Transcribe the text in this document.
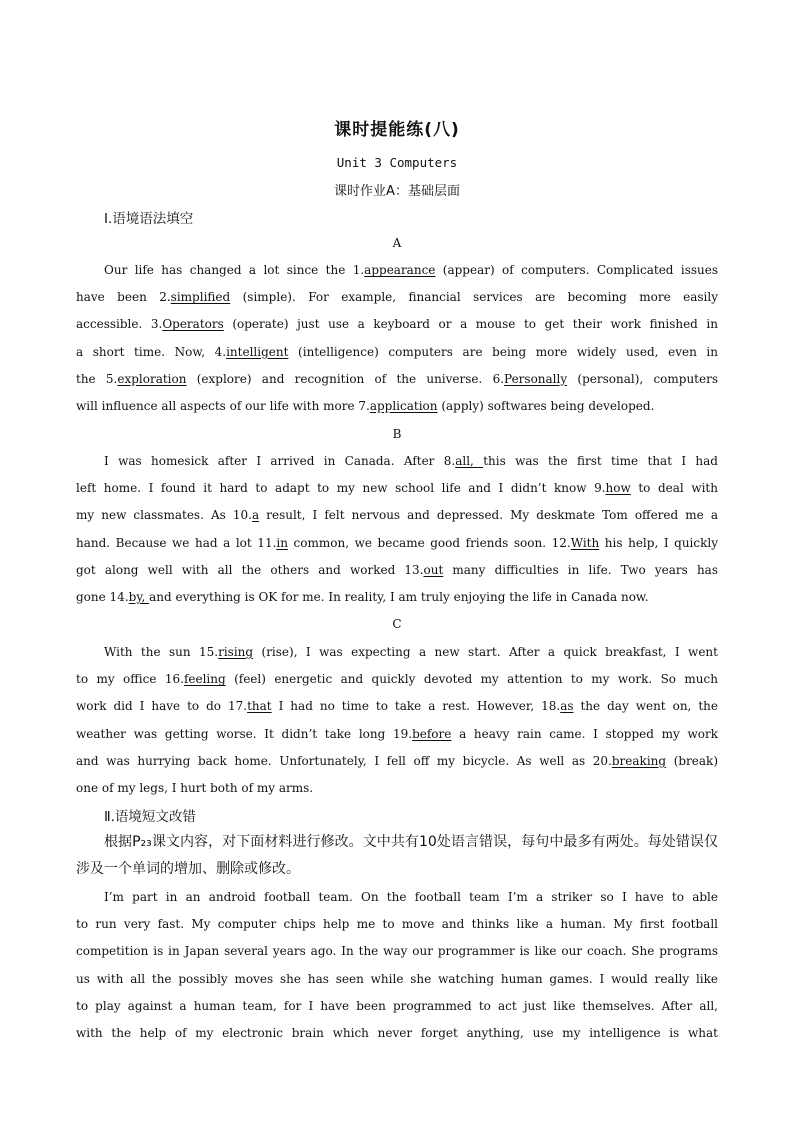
课时提能练(八)
Unit 3 Computers
课时作业A：基础层面
Ⅰ.语境语法填空
A
Our life has changed a lot since the 1.appearance (appear) of computers. Complicated issues
have been 2.simplified (simple). For example, financial services are becoming more easily
accessible. 3.Operators (operate) just use a keyboard or a mouse to get their work finished in
a short time. Now, 4.intelligent (intelligence) computers are being more widely used, even in
the 5.exploration (explore) and recognition of the universe. 6.Personally (personal), computers
will influence all aspects of our life with more 7.application (apply) softwares being developed.
B
I was homesick after I arrived in Canada. After 8.all, this was the first time that I had
left home. I found it hard to adapt to my new school life and I didn’t know 9.how to deal with
my new classmates. As 10.a result, I felt nervous and depressed. My deskmate Tom offered me a
hand. Because we had a lot 11.in common, we became good friends soon. 12.With his help, I quickly
got along well with all the others and worked 13.out many difficulties in life. Two years has
gone 14.by, and everything is OK for me. In reality, I am truly enjoying the life in Canada now.
C
With the sun 15.rising (rise), I was expecting a new start. After a quick breakfast, I went
to my office 16.feeling (feel) energetic and quickly devoted my attention to my work. So much
work did I have to do 17.that I had no time to take a rest. However, 18.as the day went on, the
weather was getting worse. It didn’t take long 19.before a heavy rain came. I stopped my work
and was hurrying back home. Unfortunately, I fell off my bicycle. As well as 20.breaking (break)
one of my legs, I hurt both of my arms.
Ⅱ.语境短文改错
根据P₂₃课文内容，对下面材料进行修改。文中共有10处语言错误，每句中最多有两处。每处错误仅
涉及一个单词的增加、删除或修改。
I’m part in an android football team. On the football team I’m a striker so I have to able
to run very fast. My computer chips help me to move and thinks like a human. My first football
competition is in Japan several years ago. In the way our programmer is like our coach. She programs
us with all the possibly moves she has seen while she watching human games. I would really like
to play against a human team, for I have been programmed to act just like themselves. After all,
with the help of my electronic brain which never forget anything, use my intelligence is what
